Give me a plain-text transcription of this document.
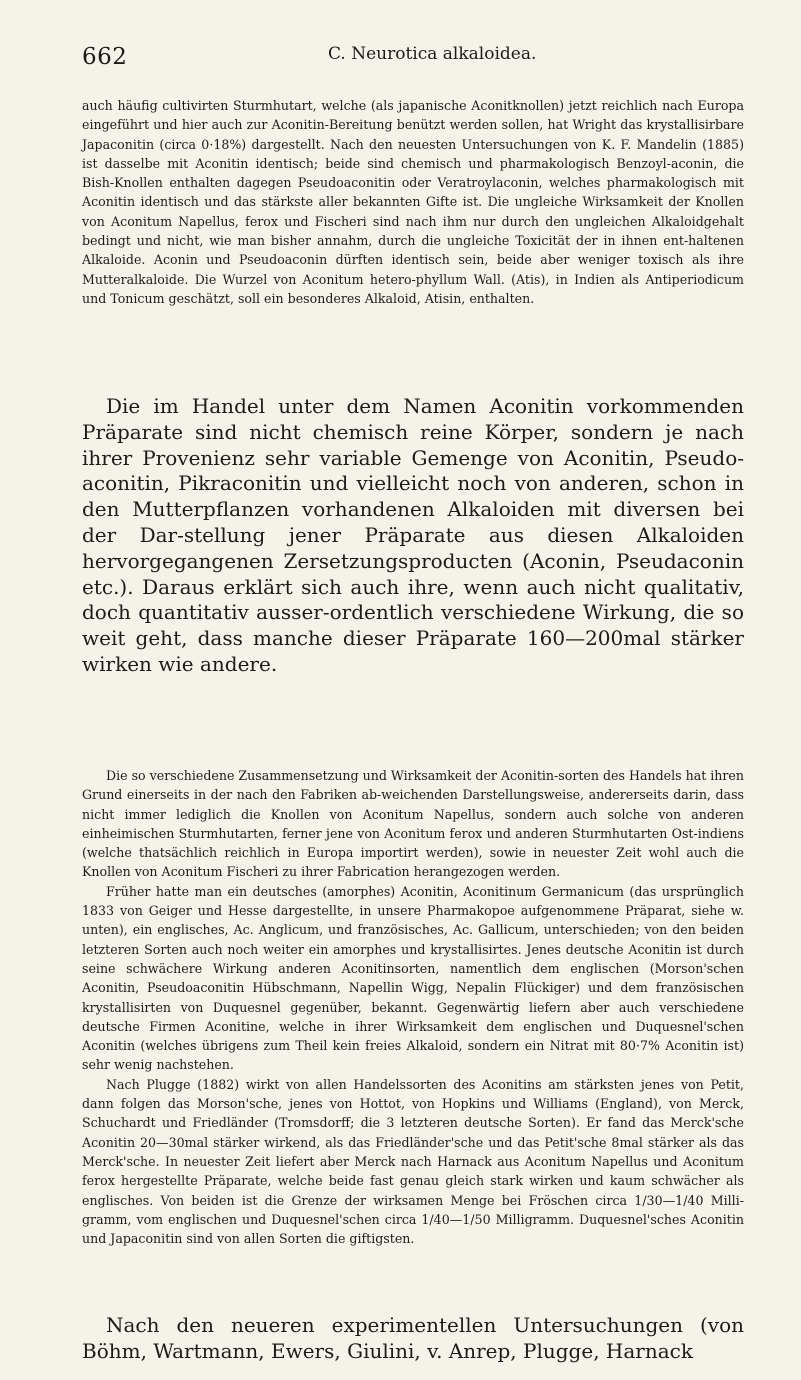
662	C. Neurotica alkaloidea.

auch häufig cultivirten Sturmhutart, welche (als japanische Aconitknollen) jetzt reichlich nach Europa eingeführt und hier auch zur Aconitin-Bereitung benützt werden sollen, hat Wright das krystallisirbare Japaconitin (circa 0·18%) dargestellt. Nach den neuesten Untersuchungen von K. F. Mandelin (1885) ist dasselbe mit Aconitin identisch; beide sind chemisch und pharmakologisch Benzoyl-aconin, die Bish-Knollen enthalten dagegen Pseudoaconitin oder Veratroylaconin, welches pharmakologisch mit Aconitin identisch und das stärkste aller bekannten Gifte ist. Die ungleiche Wirksamkeit der Knollen von Aconitum Napellus, ferox und Fischeri sind nach ihm nur durch den ungleichen Alkaloidgehalt bedingt und nicht, wie man bisher annahm, durch die ungleiche Toxicität der in ihnen ent-haltenen Alkaloide. Aconin und Pseudoaconin dürften identisch sein, beide aber weniger toxisch als ihre Mutteralkaloide. Die Wurzel von Aconitum hetero-phyllum Wall. (Atis), in Indien als Antiperiodicum und Tonicum geschätzt, soll ein besonderes Alkaloid, Atisin, enthalten.

Die im Handel unter dem Namen Aconitin vorkommenden Präparate sind nicht chemisch reine Körper, sondern je nach ihrer Provenienz sehr variable Gemenge von Aconitin, Pseudo-aconitin, Pikraconitin und vielleicht noch von anderen, schon in den Mutterpflanzen vorhandenen Alkaloiden mit diversen bei der Dar-stellung jener Präparate aus diesen Alkaloiden hervorgegangenen Zersetzungsproducten (Aconin, Pseudaconin etc.). Daraus erklärt sich auch ihre, wenn auch nicht qualitativ, doch quantitativ ausser-ordentlich verschiedene Wirkung, die so weit geht, dass manche dieser Präparate 160—200mal stärker wirken wie andere.

Die so verschiedene Zusammensetzung und Wirksamkeit der Aconitin-sorten des Handels hat ihren Grund einerseits in der nach den Fabriken ab-weichenden Darstellungsweise, andererseits darin, dass nicht immer lediglich die Knollen von Aconitum Napellus, sondern auch solche von anderen einheimischen Sturmhutarten, ferner jene von Aconitum ferox und anderen Sturmhutarten Ost-indiens (welche thatsächlich reichlich in Europa importirt werden), sowie in neuester Zeit wohl auch die Knollen von Aconitum Fischeri zu ihrer Fabrication herangezogen werden.

Früher hatte man ein deutsches (amorphes) Aconitin, Aconitinum Germanicum (das ursprünglich 1833 von Geiger und Hesse dargestellte, in unsere Pharmakopoe aufgenommene Präparat, siehe w. unten), ein englisches, Ac. Anglicum, und französisches, Ac. Gallicum, unterschieden; von den beiden letzteren Sorten auch noch weiter ein amorphes und krystallisirtes. Jenes deutsche Aconitin ist durch seine schwächere Wirkung anderen Aconitinsorten, namentlich dem englischen (Morson'schen Aconitin, Pseudoaconitin Hübschmann, Napellin Wigg, Nepalin Flückiger) und dem französischen krystallisirten von Duquesnel gegenüber, bekannt. Gegenwärtig liefern aber auch verschiedene deutsche Firmen Aconitine, welche in ihrer Wirksamkeit dem englischen und Duquesnel'schen Aconitin (welches übrigens zum Theil kein freies Alkaloid, sondern ein Nitrat mit 80·7% Aconitin ist) sehr wenig nachstehen.

Nach Plugge (1882) wirkt von allen Handelssorten des Aconitins am stärksten jenes von Petit, dann folgen das Morson'sche, jenes von Hottot, von Hopkins und Williams (England), von Merck, Schuchardt und Friedländer (Tromsdorff; die 3 letzteren deutsche Sorten). Er fand das Merck'sche Aconitin 20—30mal stärker wirkend, als das Friedländer'sche und das Petit'sche 8mal stärker als das Merck'sche. In neuester Zeit liefert aber Merck nach Harnack aus Aconitum Napellus und Aconitum ferox hergestellte Präparate, welche beide fast genau gleich stark wirken und kaum schwächer als englisches. Von beiden ist die Grenze der wirksamen Menge bei Fröschen circa 1/30—1/40 Milli-gramm, vom englischen und Duquesnel'schen circa 1/40—1/50 Milligramm. Duquesnel'sches Aconitin und Japaconitin sind von allen Sorten die giftigsten.

Nach den neueren experimentellen Untersuchungen (von Böhm, Wartmann, Ewers, Giulini, v. Anrep, Plugge, Harnack
